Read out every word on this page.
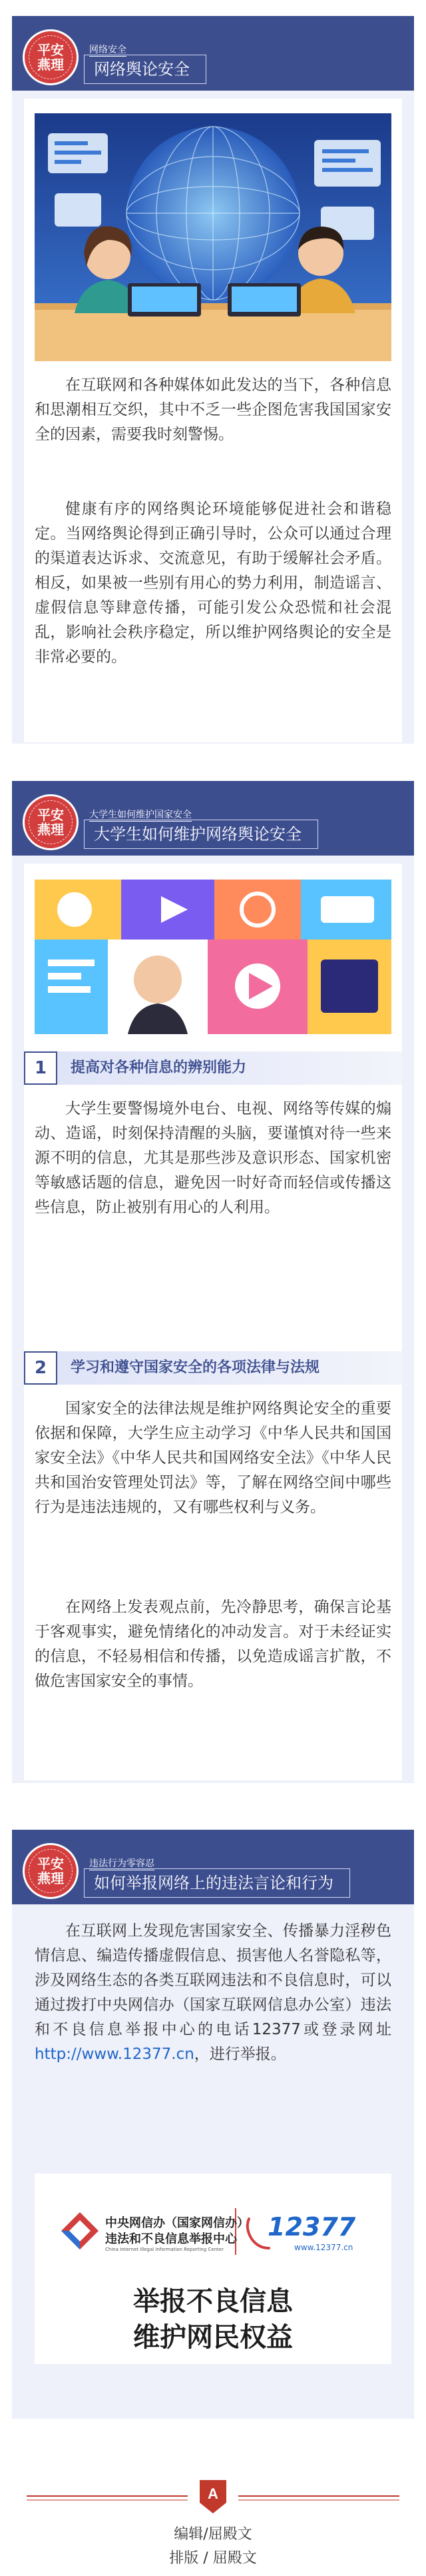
平安
燕理
网络安全
网络舆论安全

在互联网和各种媒体如此发达的当下，各种信息和思潮相互交织，其中不乏一些企图危害我国国家安全的因素，需要我时刻警惕。

健康有序的网络舆论环境能够促进社会和谐稳定。当网络舆论得到正确引导时，公众可以通过合理的渠道表达诉求、交流意见，有助于缓解社会矛盾。相反，如果被一些别有用心的势力利用，制造谣言、虚假信息等肆意传播，可能引发公众恐慌和社会混乱，影响社会秩序稳定，所以维护网络舆论的安全是非常必要的。

平安
燕理
大学生如何维护国家安全
大学生如何维护网络舆论安全
1	提高对各种信息的辨别能力

大学生要警惕境外电台、电视、网络等传媒的煽动、造谣，时刻保持清醒的头脑，要谨慎对待一些来源不明的信息，尤其是那些涉及意识形态、国家机密等敏感话题的信息，避免因一时好奇而轻信或传播这些信息，防止被别有用心的人利用。

2	学习和遵守国家安全的各项法律与法规

国家安全的法律法规是维护网络舆论安全的重要依据和保障，大学生应主动学习《中华人民共和国国家安全法》《中华人民共和国网络安全法》《中华人民共和国治安管理处罚法》等，了解在网络空间中哪些行为是违法违规的，又有哪些权利与义务。

在网络上发表观点前，先冷静思考，确保言论基于客观事实，避免情绪化的冲动发言。对于未经证实的信息，不轻易相信和传播，以免造成谣言扩散，不做危害国家安全的事情。

平安
燕理
违法行为零容忍
如何举报网络上的违法言论和行为

在互联网上发现危害国家安全、传播暴力淫秽色情信息、编造传播虚假信息、损害他人名誉隐私等，涉及网络生态的各类互联网违法和不良信息时，可以通过拨打中央网信办（国家互联网信息办公室）违法和不良信息举报中心的电话12377或登录网址http://www.12377.cn，进行举报。

中央网信办（国家网信办）
违法和不良信息举报中心
China Internet Illegal Information Reporting Center
12377
www.12377.cn
举报不良信息
维护网民权益
A
编辑/屈殿文
排版 / 屈殿文
